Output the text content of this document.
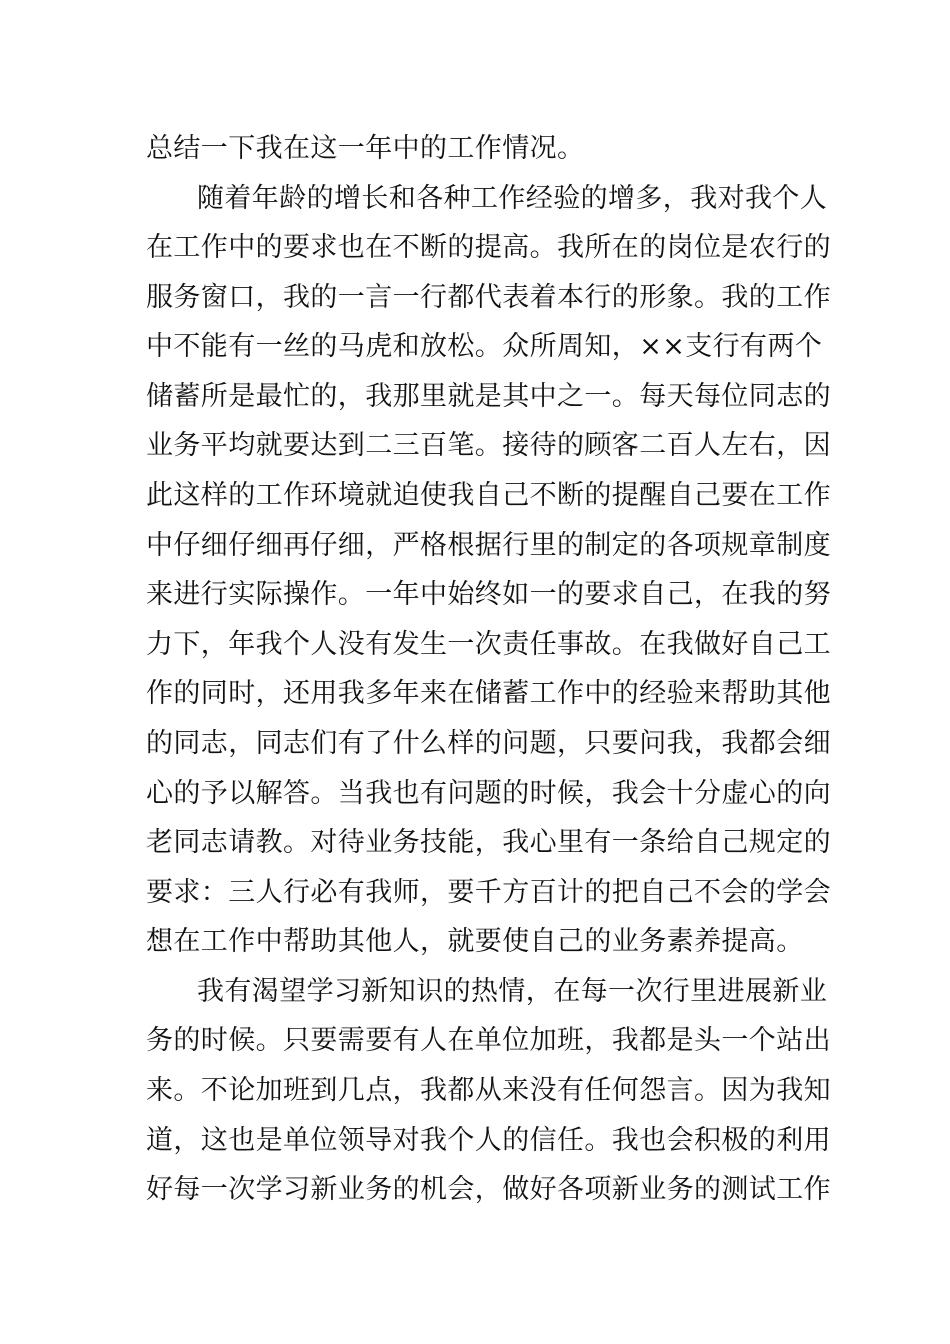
总结一下我在这一年中的工作情况。
随着年龄的增长和各种工作经验的增多，我对我个人
在工作中的要求也在不断的提高。我所在的岗位是农行的
服务窗口，我的一言一行都代表着本行的形象。我的工作
中不能有一丝的马虎和放松。众所周知，××支行有两个
储蓄所是最忙的，我那里就是其中之一。每天每位同志的
业务平均就要达到二三百笔。接待的顾客二百人左右，因
此这样的工作环境就迫使我自己不断的提醒自己要在工作
中仔细仔细再仔细，严格根据行里的制定的各项规章制度
来进行实际操作。一年中始终如一的要求自己，在我的努
力下，年我个人没有发生一次责任事故。在我做好自己工
作的同时，还用我多年来在储蓄工作中的经验来帮助其他
的同志，同志们有了什么样的问题，只要问我，我都会细
心的予以解答。当我也有问题的时候，我会十分虚心的向
老同志请教。对待业务技能，我心里有一条给自己规定的
要求：三人行必有我师，要千方百计的把自己不会的学会
想在工作中帮助其他人，就要使自己的业务素养提高。
我有渴望学习新知识的热情，在每一次行里进展新业
务的时候。只要需要有人在单位加班，我都是头一个站出
来。不论加班到几点，我都从来没有任何怨言。因为我知
道，这也是单位领导对我个人的信任。我也会积极的利用
好每一次学习新业务的机会，做好各项新业务的测试工作
